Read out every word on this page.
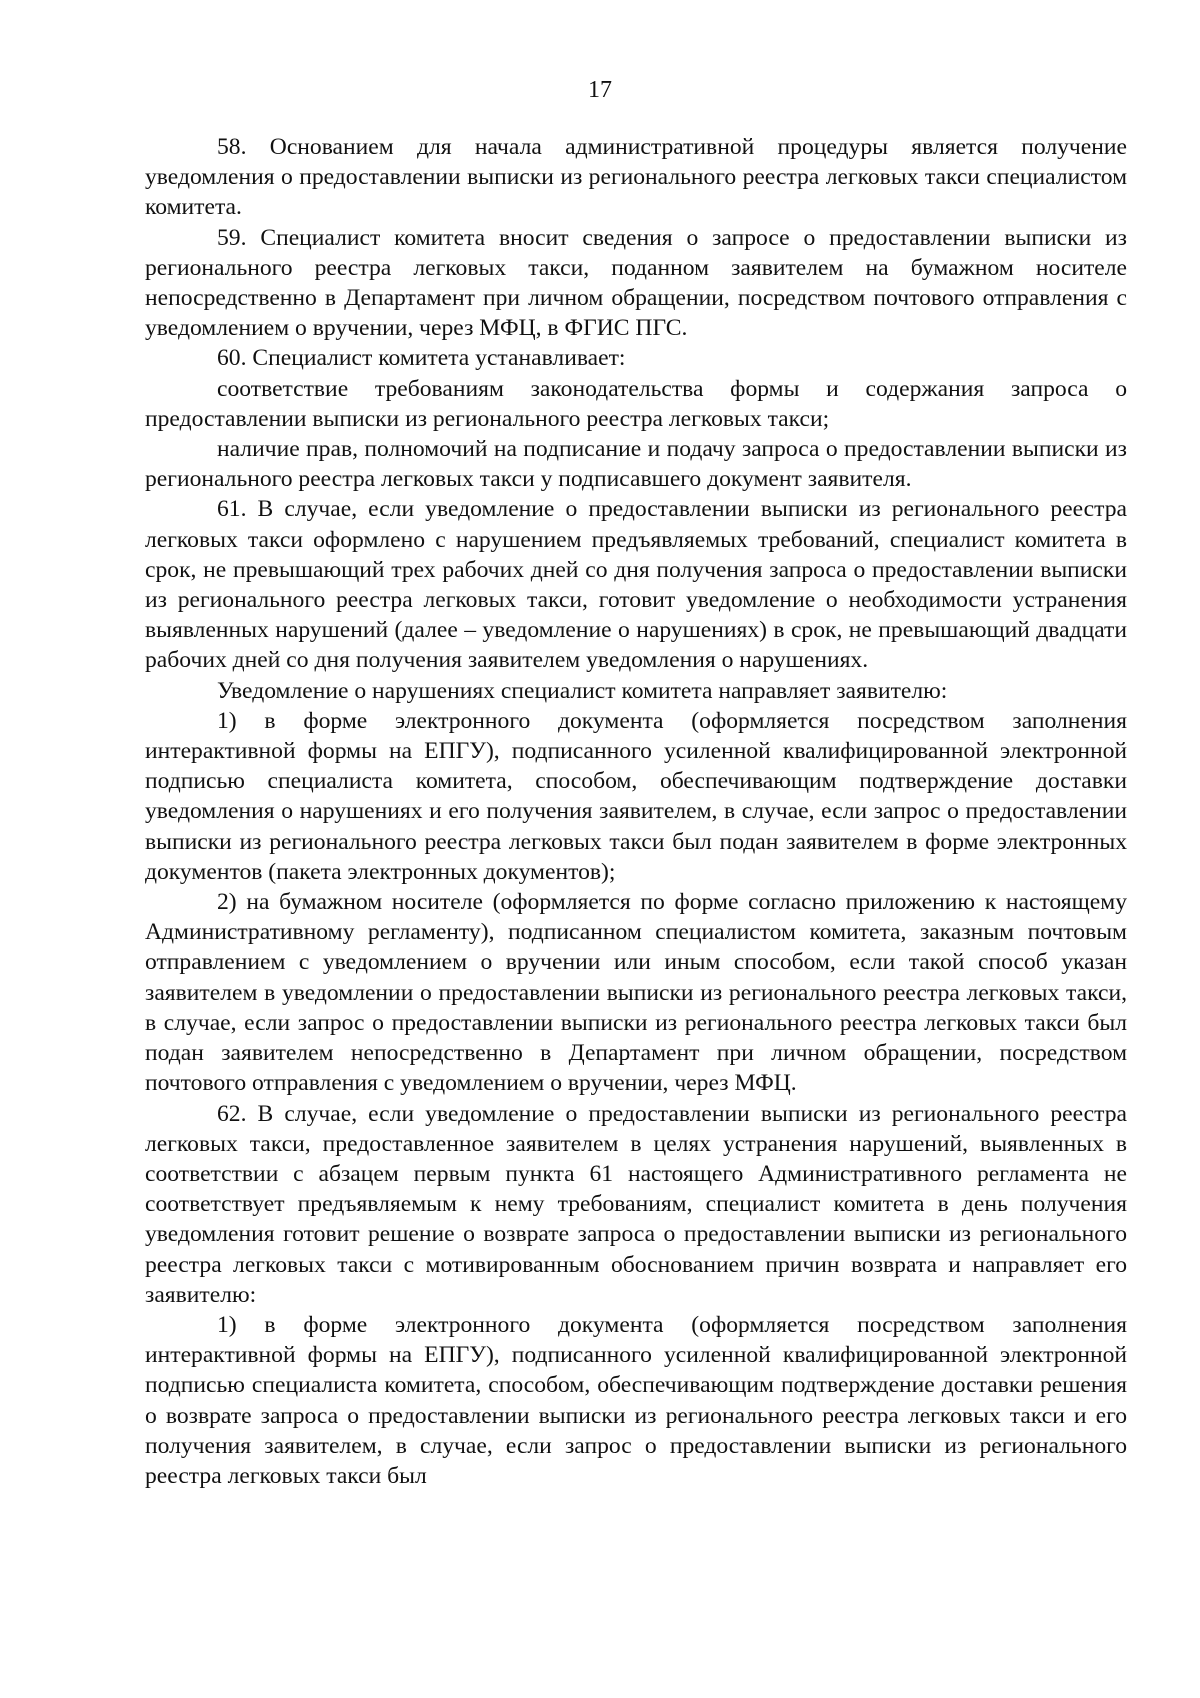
17

58. Основанием для начала административной процедуры является получение уведомления о предоставлении выписки из регионального реестра легковых такси специалистом комитета.

59. Специалист комитета вносит сведения о запросе о предоставлении выписки из регионального реестра легковых такси, поданном заявителем на бумажном носителе непосредственно в Департамент при личном обращении, посредством почтового отправления с уведомлением о вручении, через МФЦ, в ФГИС ПГС.

60. Специалист комитета устанавливает:

соответствие требованиям законодательства формы и содержания запроса о предоставлении выписки из регионального реестра легковых такси;

наличие прав, полномочий на подписание и подачу запроса о предоставлении выписки из регионального реестра легковых такси у подписавшего документ заявителя.

61. В случае, если уведомление о предоставлении выписки из регионального реестра легковых такси оформлено с нарушением предъявляемых требований, специалист комитета в срок, не превышающий трех рабочих дней со дня получения запроса о предоставлении выписки из регионального реестра легковых такси, готовит уведомление о необходимости устранения выявленных нарушений (далее – уведомление о нарушениях) в срок, не превышающий двадцати рабочих дней со дня получения заявителем уведомления о нарушениях.

Уведомление о нарушениях специалист комитета направляет заявителю:

1) в форме электронного документа (оформляется посредством заполнения интерактивной формы на ЕПГУ), подписанного усиленной квалифицированной электронной подписью специалиста комитета, способом, обеспечивающим подтверждение доставки уведомления о нарушениях и его получения заявителем, в случае, если запрос о предоставлении выписки из регионального реестра легковых такси был подан заявителем в форме электронных документов (пакета электронных документов);

2) на бумажном носителе (оформляется по форме согласно приложению к настоящему Административному регламенту), подписанном специалистом комитета, заказным почтовым отправлением с уведомлением о вручении или иным способом, если такой способ указан заявителем в уведомлении о предоставлении выписки из регионального реестра легковых такси, в случае, если запрос о предоставлении выписки из регионального реестра легковых такси был подан заявителем непосредственно в Департамент при личном обращении, посредством почтового отправления с уведомлением о вручении, через МФЦ.

62. В случае, если уведомление о предоставлении выписки из регионального реестра легковых такси, предоставленное заявителем в целях устранения нарушений, выявленных в соответствии с абзацем первым пункта 61 настоящего Административного регламента не соответствует предъявляемым к нему требованиям, специалист комитета в день получения уведомления готовит решение о возврате запроса о предоставлении выписки из регионального реестра легковых такси с мотивированным обоснованием причин возврата и направляет его заявителю:

1) в форме электронного документа (оформляется посредством заполнения интерактивной формы на ЕПГУ), подписанного усиленной квалифицированной электронной подписью специалиста комитета, способом, обеспечивающим подтверждение доставки решения о возврате запроса о предоставлении выписки из регионального реестра легковых такси и его получения заявителем, в случае, если запрос о предоставлении выписки из регионального реестра легковых такси был
